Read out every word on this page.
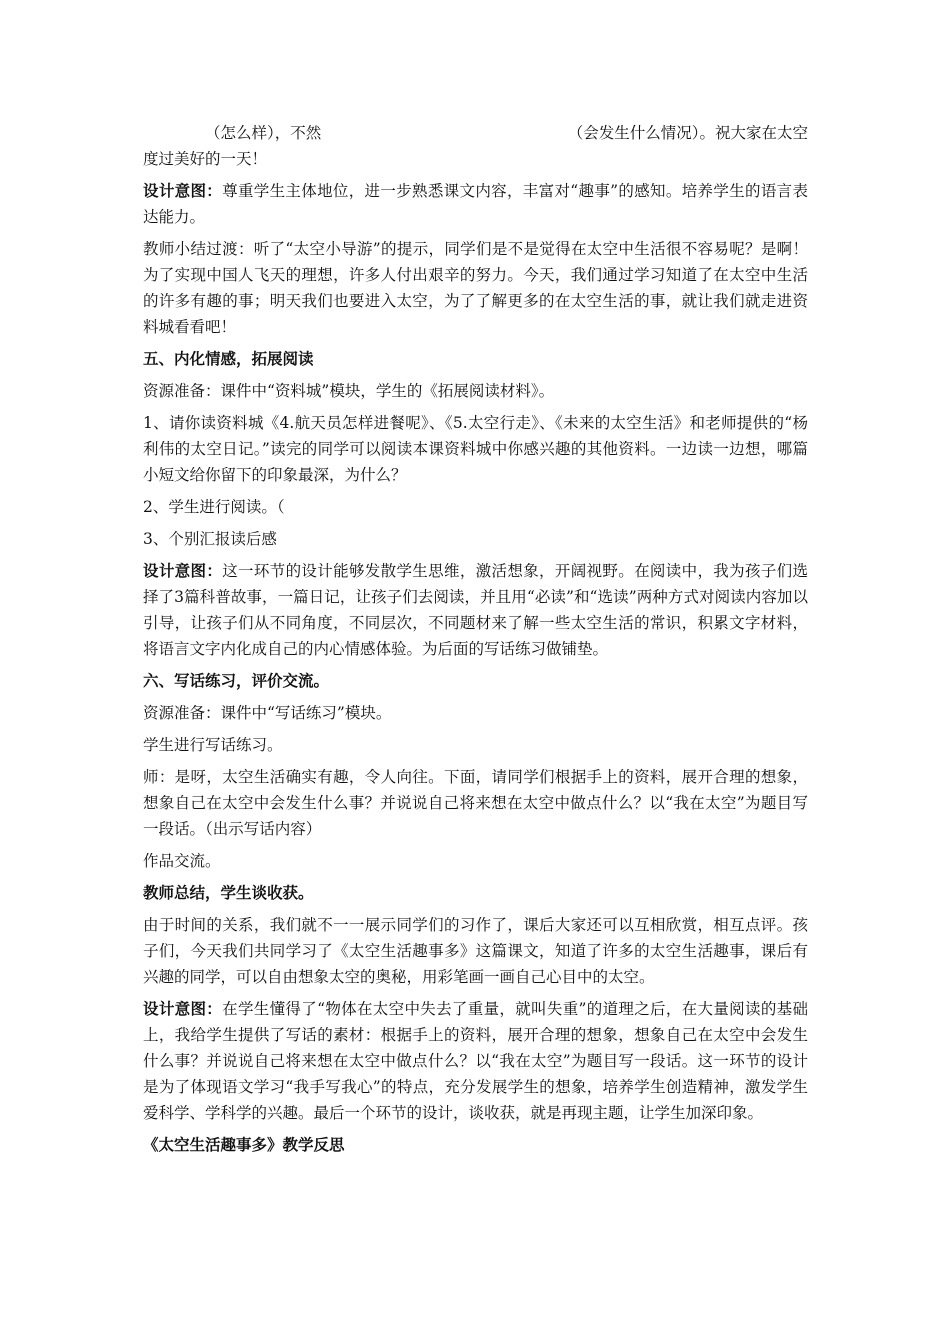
（怎么样），不然	（会发生什么情况）。祝大家在太空

度过美好的一天！

设计意图：尊重学生主体地位，进一步熟悉课文内容，丰富对“趣事”的感知。培养学生的语言表达能力。

教师小结过渡：听了“太空小导游”的提示，同学们是不是觉得在太空中生活很不容易呢？是啊！为了实现中国人飞天的理想，许多人付出艰辛的努力。今天，我们通过学习知道了在太空中生活的许多有趣的事；明天我们也要进入太空，为了了解更多的在太空生活的事，就让我们就走进资料城看看吧！

五、内化情感，拓展阅读

资源准备：课件中“资料城”模块，学生的《拓展阅读材料》。

1、请你读资料城《4.航天员怎样进餐呢》、《5.太空行走》、《未来的太空生活》和老师提供的“杨利伟的太空日记。”读完的同学可以阅读本课资料城中你感兴趣的其他资料。一边读一边想，哪篇小短文给你留下的印象最深，为什么？

2、学生进行阅读。（

3、个别汇报读后感

设计意图：这一环节的设计能够发散学生思维，激活想象，开阔视野。在阅读中，我为孩子们选择了3篇科普故事，一篇日记，让孩子们去阅读，并且用“必读”和“选读”两种方式对阅读内容加以引导，让孩子们从不同角度，不同层次，不同题材来了解一些太空生活的常识，积累文字材料，将语言文字内化成自己的内心情感体验。为后面的写话练习做铺垫。

六、写话练习，评价交流。

资源准备：课件中“写话练习”模块。

学生进行写话练习。

师：是呀，太空生活确实有趣，令人向往。下面，请同学们根据手上的资料，展开合理的想象，想象自己在太空中会发生什么事？并说说自己将来想在太空中做点什么？以“我在太空”为题目写一段话。（出示写话内容）

作品交流。

教师总结，学生谈收获。

由于时间的关系，我们就不一一展示同学们的习作了，课后大家还可以互相欣赏，相互点评。孩子们，今天我们共同学习了《太空生活趣事多》这篇课文，知道了许多的太空生活趣事，课后有兴趣的同学，可以自由想象太空的奥秘，用彩笔画一画自己心目中的太空。

设计意图：在学生懂得了“物体在太空中失去了重量，就叫失重”的道理之后，在大量阅读的基础上，我给学生提供了写话的素材：根据手上的资料，展开合理的想象，想象自己在太空中会发生什么事？并说说自己将来想在太空中做点什么？以“我在太空”为题目写一段话。这一环节的设计是为了体现语文学习“我手写我心”的特点，充分发展学生的想象，培养学生创造精神，激发学生爱科学、学科学的兴趣。最后一个环节的设计，谈收获，就是再现主题，让学生加深印象。

《太空生活趣事多》教学反思
